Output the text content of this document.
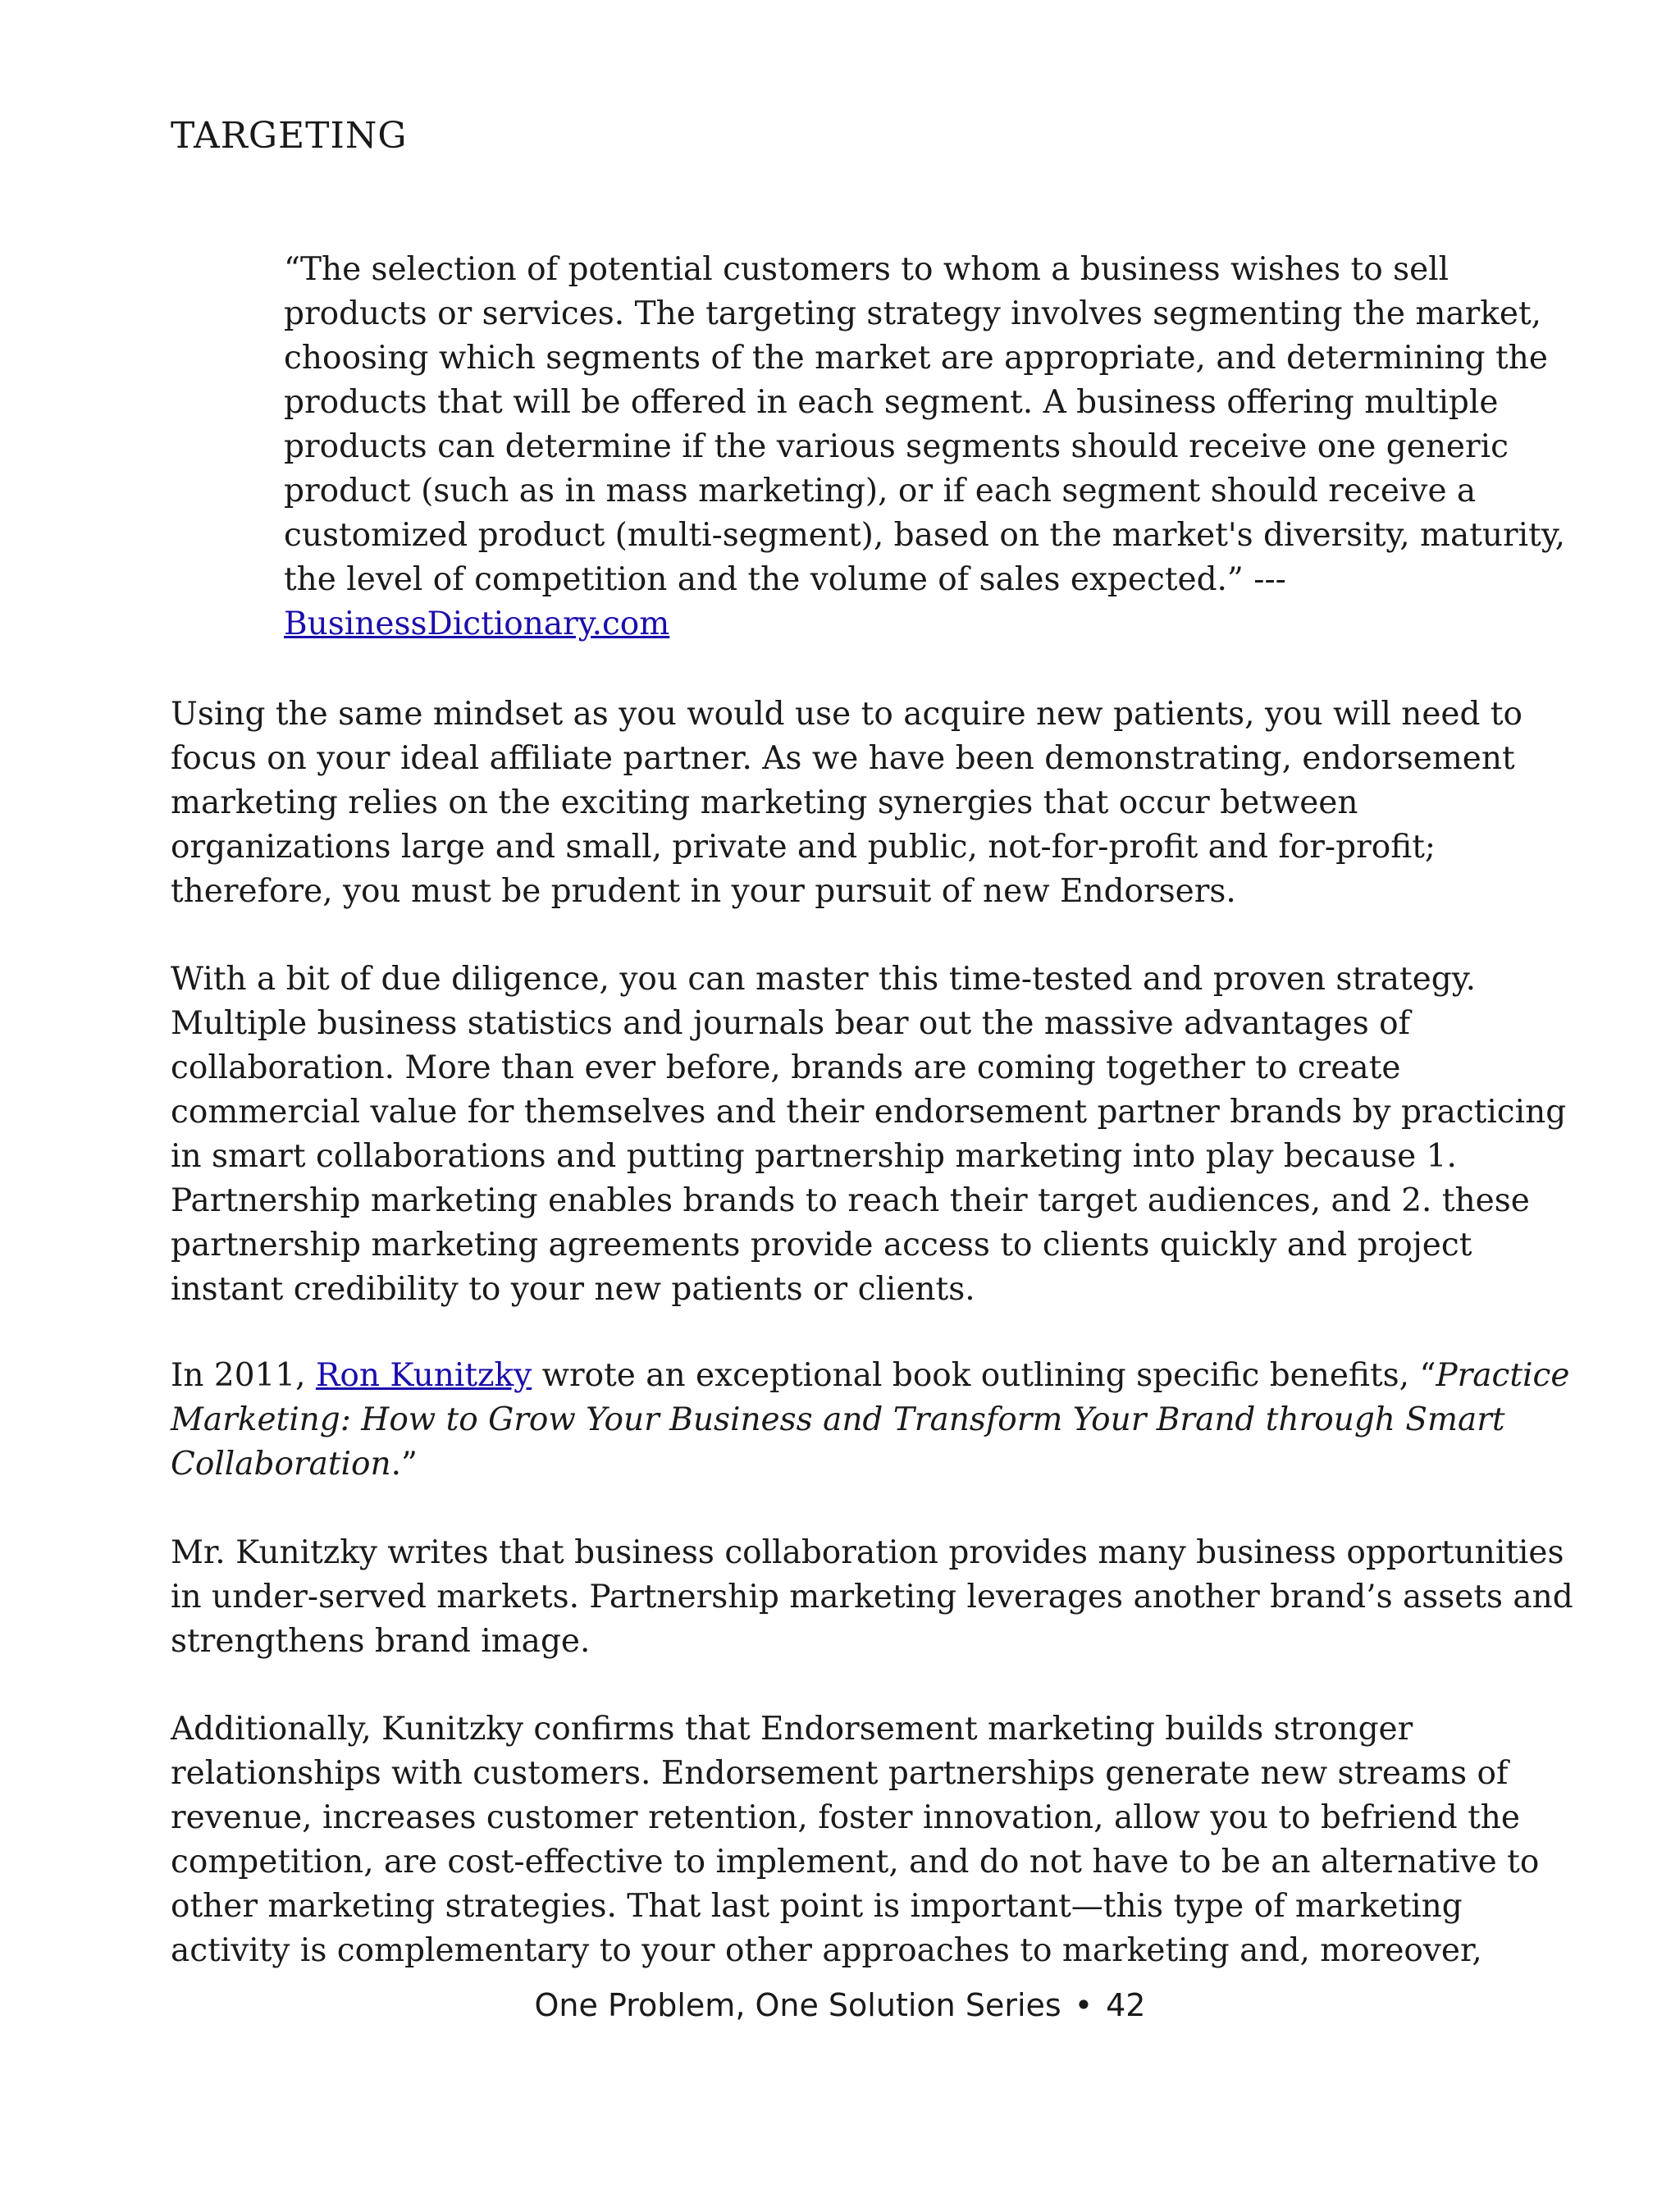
TARGETING

“The selection of potential customers to whom a business wishes to sell products or services. The targeting strategy involves segmenting the market, choosing which segments of the market are appropriate, and determining the products that will be offered in each segment. A business offering multiple products can determine if the various segments should receive one generic product (such as in mass marketing), or if each segment should receive a customized product (multi-segment), based on the market's diversity, maturity, the level of competition and the volume of sales expected.” --- BusinessDictionary.com

Using the same mindset as you would use to acquire new patients, you will need to focus on your ideal affiliate partner. As we have been demonstrating, endorsement marketing relies on the exciting marketing synergies that occur between organizations large and small, private and public, not-for-profit and for-profit; therefore, you must be prudent in your pursuit of new Endorsers.

With a bit of due diligence, you can master this time-tested and proven strategy. Multiple business statistics and journals bear out the massive advantages of collaboration. More than ever before, brands are coming together to create commercial value for themselves and their endorsement partner brands by practicing in smart collaborations and putting partnership marketing into play because 1. Partnership marketing enables brands to reach their target audiences, and 2. these partnership marketing agreements provide access to clients quickly and project instant credibility to your new patients or clients.

In 2011, Ron Kunitzky wrote an exceptional book outlining specific benefits, “Practice Marketing: How to Grow Your Business and Transform Your Brand through Smart Collaboration.”

Mr. Kunitzky writes that business collaboration provides many business opportunities in under-served markets. Partnership marketing leverages another brand’s assets and strengthens brand image.

Additionally, Kunitzky confirms that Endorsement marketing builds stronger relationships with customers. Endorsement partnerships generate new streams of revenue, increases customer retention, foster innovation, allow you to befriend the competition, are cost-effective to implement, and do not have to be an alternative to other marketing strategies. That last point is important—this type of marketing activity is complementary to your other approaches to marketing and, moreover,

One Problem, One Solution Series • 42
